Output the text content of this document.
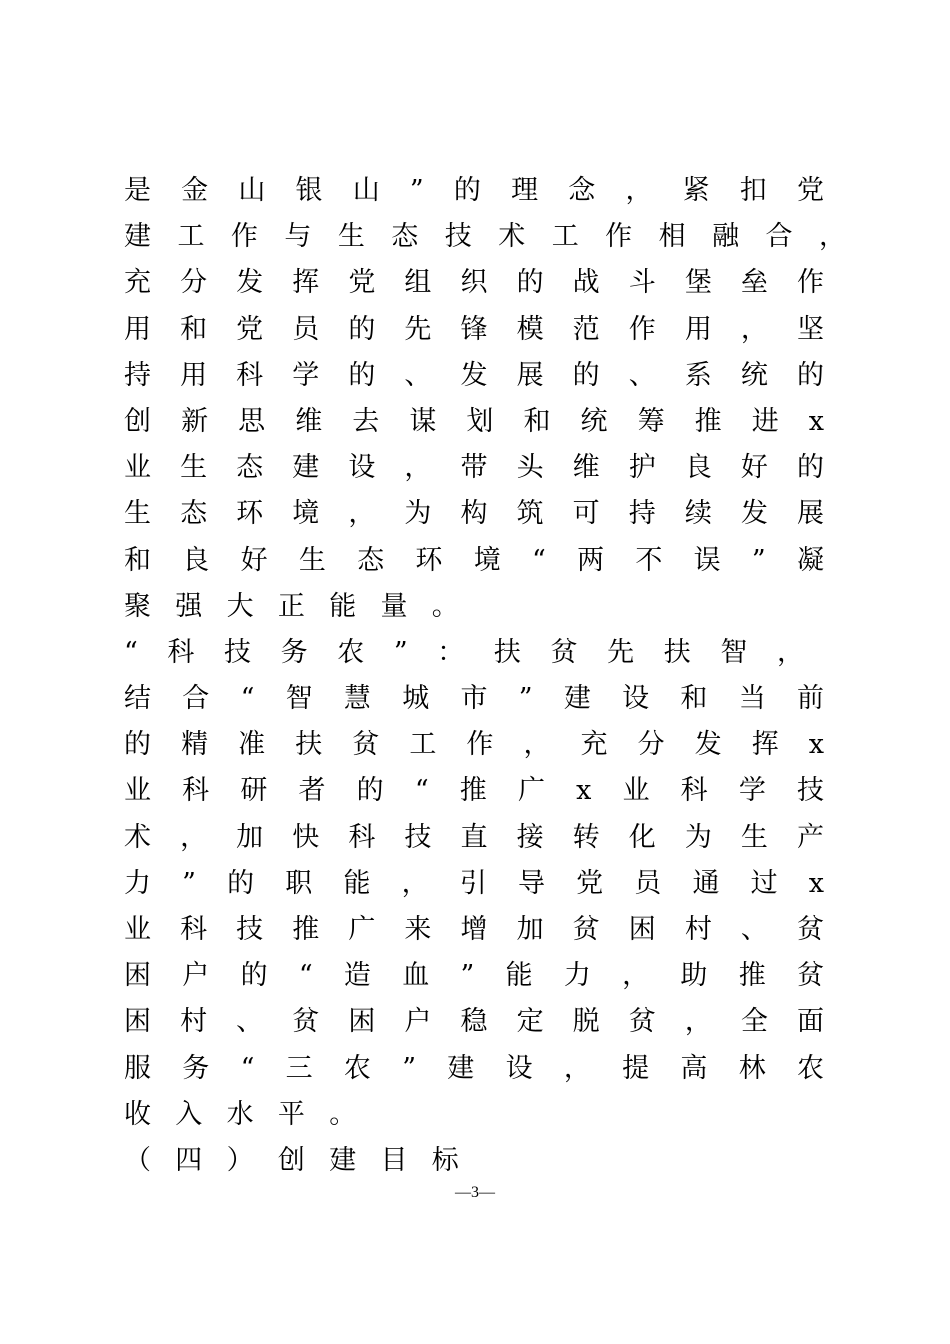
是金山银山”的理念，紧扣党
建工作与生态技术工作相融合，
充分发挥党组织的战斗堡垒作
用和党员的先锋模范作用，坚
持用科学的、发展的、系统的
创新思维去谋划和统筹推进x
业生态建设，带头维护良好的
生态环境，为构筑可持续发展
和良好生态环境“两不误”凝
聚强大正能量。
“科技务农”：扶贫先扶智，
结合“智慧城市”建设和当前
的精准扶贫工作，充分发挥x
业科研者的“推广x业科学技
术，加快科技直接转化为生产
力”的职能，引导党员通过x
业科技推广来增加贫困村、贫
困户的“造血”能力，助推贫
困村、贫困户稳定脱贫，全面
服务“三农”建设，提高林农
收入水平。
（四）创建目标
—3—
